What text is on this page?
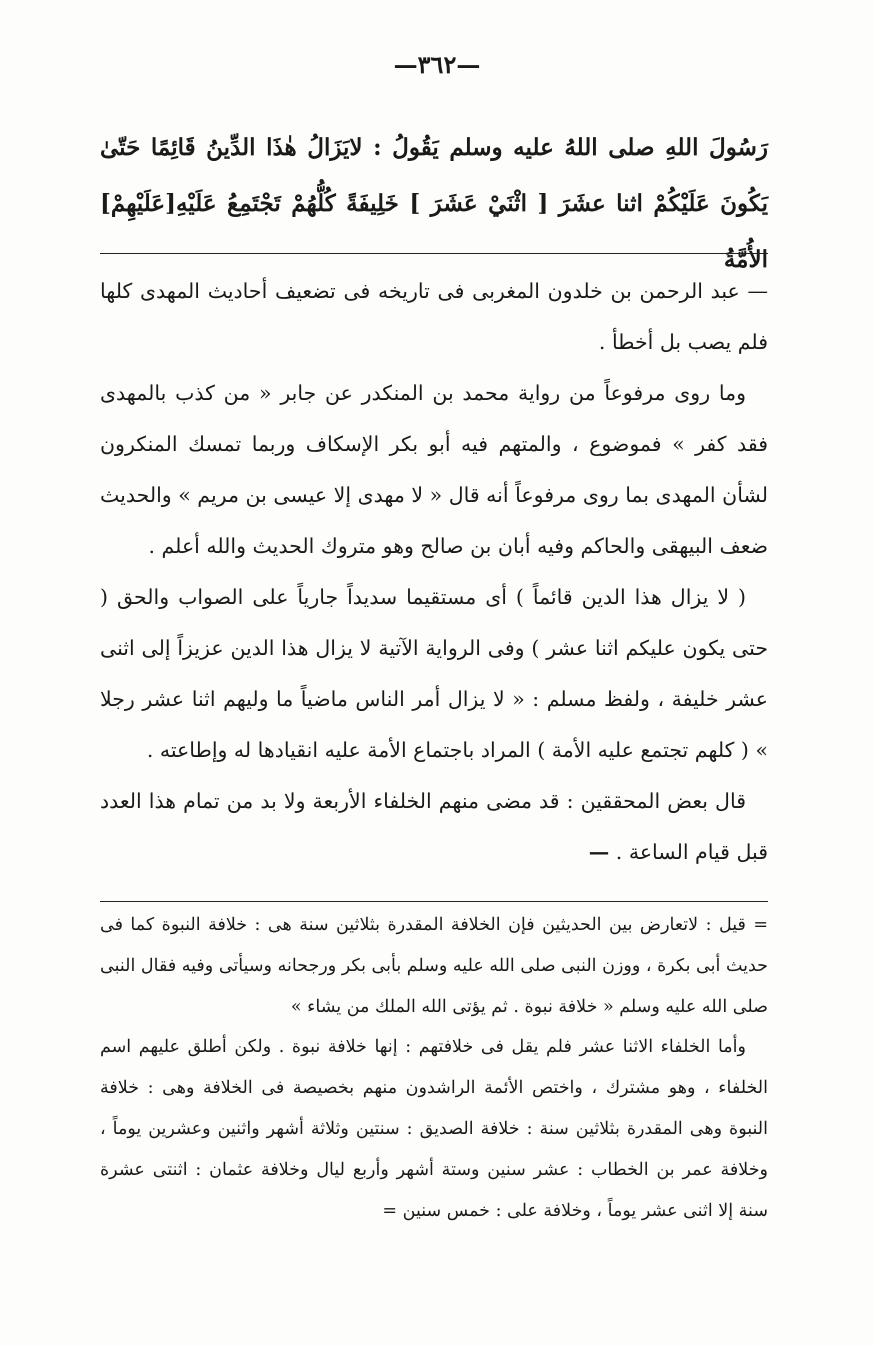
—٣٦٢—
رَسُولَ اللهِ صلى اللهُ عليه وسلم يَقُولُ : لايَزَالُ هٰذَا الدِّينُ قَائِمًا حَتّىٰ يَكُونَ عَلَيْكُمْ اثنا عشَرَ [ اثْنَيْ عَشَرَ ] خَلِيفَةً كُلُّهُمْ تَجْتَمِعُ عَلَيْهِ[عَلَيْهِمْ] الأُمَّةُ

— عبد الرحمن بن خلدون المغربى فى تاريخه فى تضعيف أحاديث المهدى كلها فلم يصب بل أخطأ .

وما روى مرفوعاً من رواية محمد بن المنكدر عن جابر « من كذب بالمهدى فقد كفر » فموضوع ، والمتهم فيه أبو بكر الإسكاف وربما تمسك المنكرون لشأن المهدى بما روى مرفوعاً أنه قال « لا مهدى إلا عيسى بن مريم » والحديث ضعف البيهقى والحاكم وفيه أبان بن صالح وهو متروك الحديث والله أعلم .

( لا يزال هذا الدين قائماً ) أى مستقيما سديداً جارياً على الصواب والحق ( حتى يكون عليكم اثنا عشر ) وفى الرواية الآتية لا يزال هذا الدين عزيزاً إلى اثنى عشر خليفة ، ولفظ مسلم : « لا يزال أمر الناس ماضياً ما وليهم اثنا عشر رجلا » ( كلهم تجتمع عليه الأمة ) المراد باجتماع الأمة عليه انقيادها له وإطاعته .

قال بعض المحققين : قد مضى منهم الخلفاء الأربعة ولا بد من تمام هذا العدد قبل قيام الساعة . —

= قيل : لاتعارض بين الحديثين فإن الخلافة المقدرة بثلاثين سنة هى : خلافة النبوة كما فى حديث أبى بكرة ، ووزن النبى صلى الله عليه وسلم بأبى بكر ورجحانه وسيأتى وفيه فقال النبى صلى الله عليه وسلم « خلافة نبوة . ثم يؤتى الله الملك من يشاء »

وأما الخلفاء الاثنا عشر فلم يقل فى خلافتهم : إنها خلافة نبوة . ولكن أطلق عليهم اسم الخلفاء ، وهو مشترك ، واختص الأئمة الراشدون منهم بخصيصة فى الخلافة وهى : خلافة النبوة وهى المقدرة بثلاثين سنة : خلافة الصديق : سنتين وثلاثة أشهر واثنين وعشرين يوماً ، وخلافة عمر بن الخطاب : عشر سنين وستة أشهر وأربع ليال وخلافة عثمان : اثنتى عشرة سنة إلا اثنى عشر يوماً ، وخلافة على : خمس سنين =
